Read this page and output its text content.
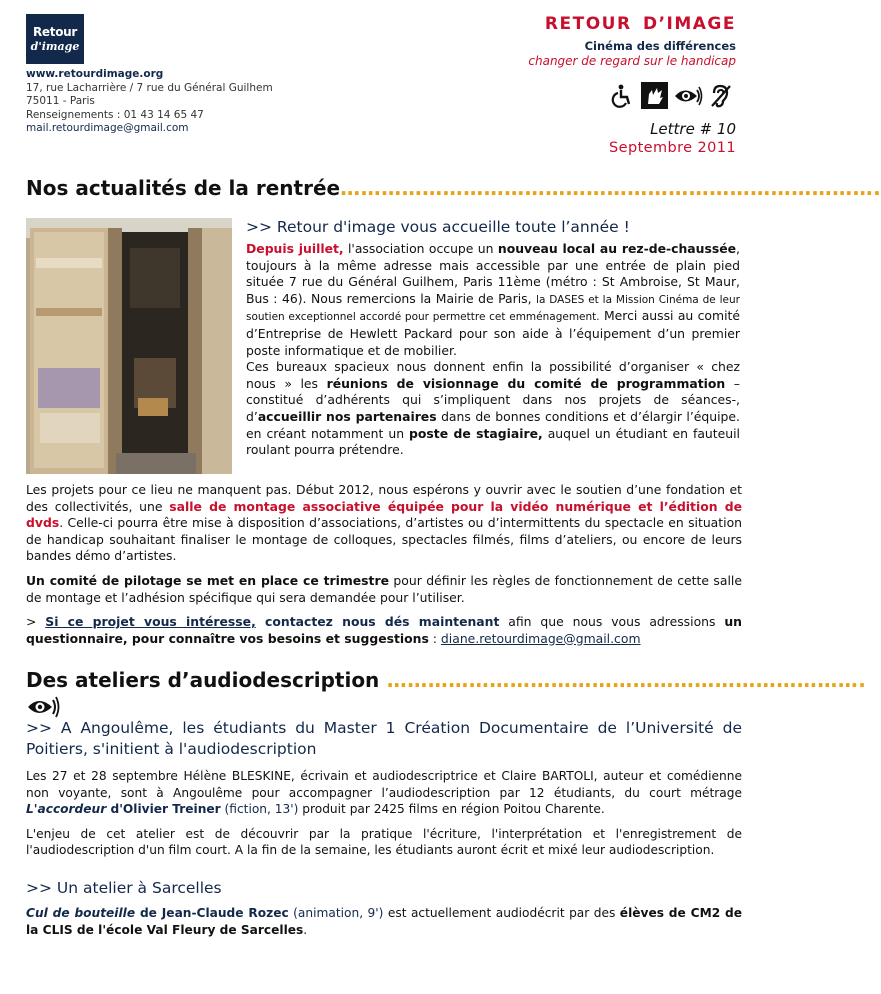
Retour
d'image
www.retourdimage.org
17, rue Lacharrière / 7 rue du Général Guilhem
75011 - Paris
Renseignements : 01 43 14 65 47
mail.retourdimage@gmail.com
RETOUR D’IMAGE
Cinéma des différences
changer de regard sur le handicap
Lettre # 10
Septembre 2011
Nos actualités de la rentrée…………………………………………………………………….
>> Retour d'image vous accueille toute l’année !

Depuis juillet, l'association occupe un nouveau local au rez-de-chaussée, toujours à la même adresse mais accessible par une entrée de plain pied située 7 rue du Général Guilhem, Paris 11ème (métro : St Ambroise, St Maur, Bus : 46). Nous remercions la Mairie de Paris, la DASES et la Mission Cinéma de leur soutien exceptionnel accordé pour permettre cet emménagement. Merci aussi au comité d’Entreprise de Hewlett Packard pour son aide à l’équipement d’un premier poste informatique et de mobilier.

Ces bureaux spacieux nous donnent enfin la possibilité d’organiser « chez nous » les réunions de visionnage du comité de programmation – constitué d’adhérents qui s’impliquent dans nos projets de séances-, d’accueillir nos partenaires dans de bonnes conditions et d’élargir l’équipe. en créant notamment un poste de stagiaire, auquel un étudiant en fauteuil roulant pourra prétendre.

Les projets pour ce lieu ne manquent pas. Début 2012, nous espérons y ouvrir avec le soutien d’une fondation et des collectivités, une salle de montage associative équipée pour la vidéo numérique et l’édition de dvds. Celle-ci pourra être mise à disposition d’associations, d’artistes ou d’intermittents du spectacle en situation de handicap souhaitant finaliser le montage de colloques, spectacles filmés, films d’ateliers, ou encore de leurs bandes démo d’artistes.

Un comité de pilotage se met en place ce trimestre pour définir les règles de fonctionnement de cette salle de montage et l’adhésion spécifique qui sera demandée pour l’utiliser.

> Si ce projet vous intéresse, contactez nous dés maintenant afin que nous vous adressions un questionnaire, pour connaître vos besoins et suggestions : diane.retourdimage@gmail.com

Des ateliers d’audiodescription …………………………………………………………….
>> A Angoulême, les étudiants du Master 1 Création Documentaire de l’Université de Poitiers, s'initient à l'audiodescription

Les 27 et 28 septembre Hélène BLESKINE, écrivain et audiodescriptrice et Claire BARTOLI, auteur et comédienne non voyante, sont à Angoulême pour accompagner l’audiodescription par 12 étudiants, du court métrage L'accordeur d'Olivier Treiner (fiction, 13') produit par 2425 films en région Poitou Charente.

L'enjeu de cet atelier est de découvrir par la pratique l'écriture, l'interprétation et l'enregistrement de l'audiodescription d'un film court. A la fin de la semaine, les étudiants auront écrit et mixé leur audiodescription.

>> Un atelier à Sarcelles

Cul de bouteille de Jean-Claude Rozec (animation, 9') est actuellement audiodécrit par des élèves de CM2 de la CLIS de l'école Val Fleury de Sarcelles.
